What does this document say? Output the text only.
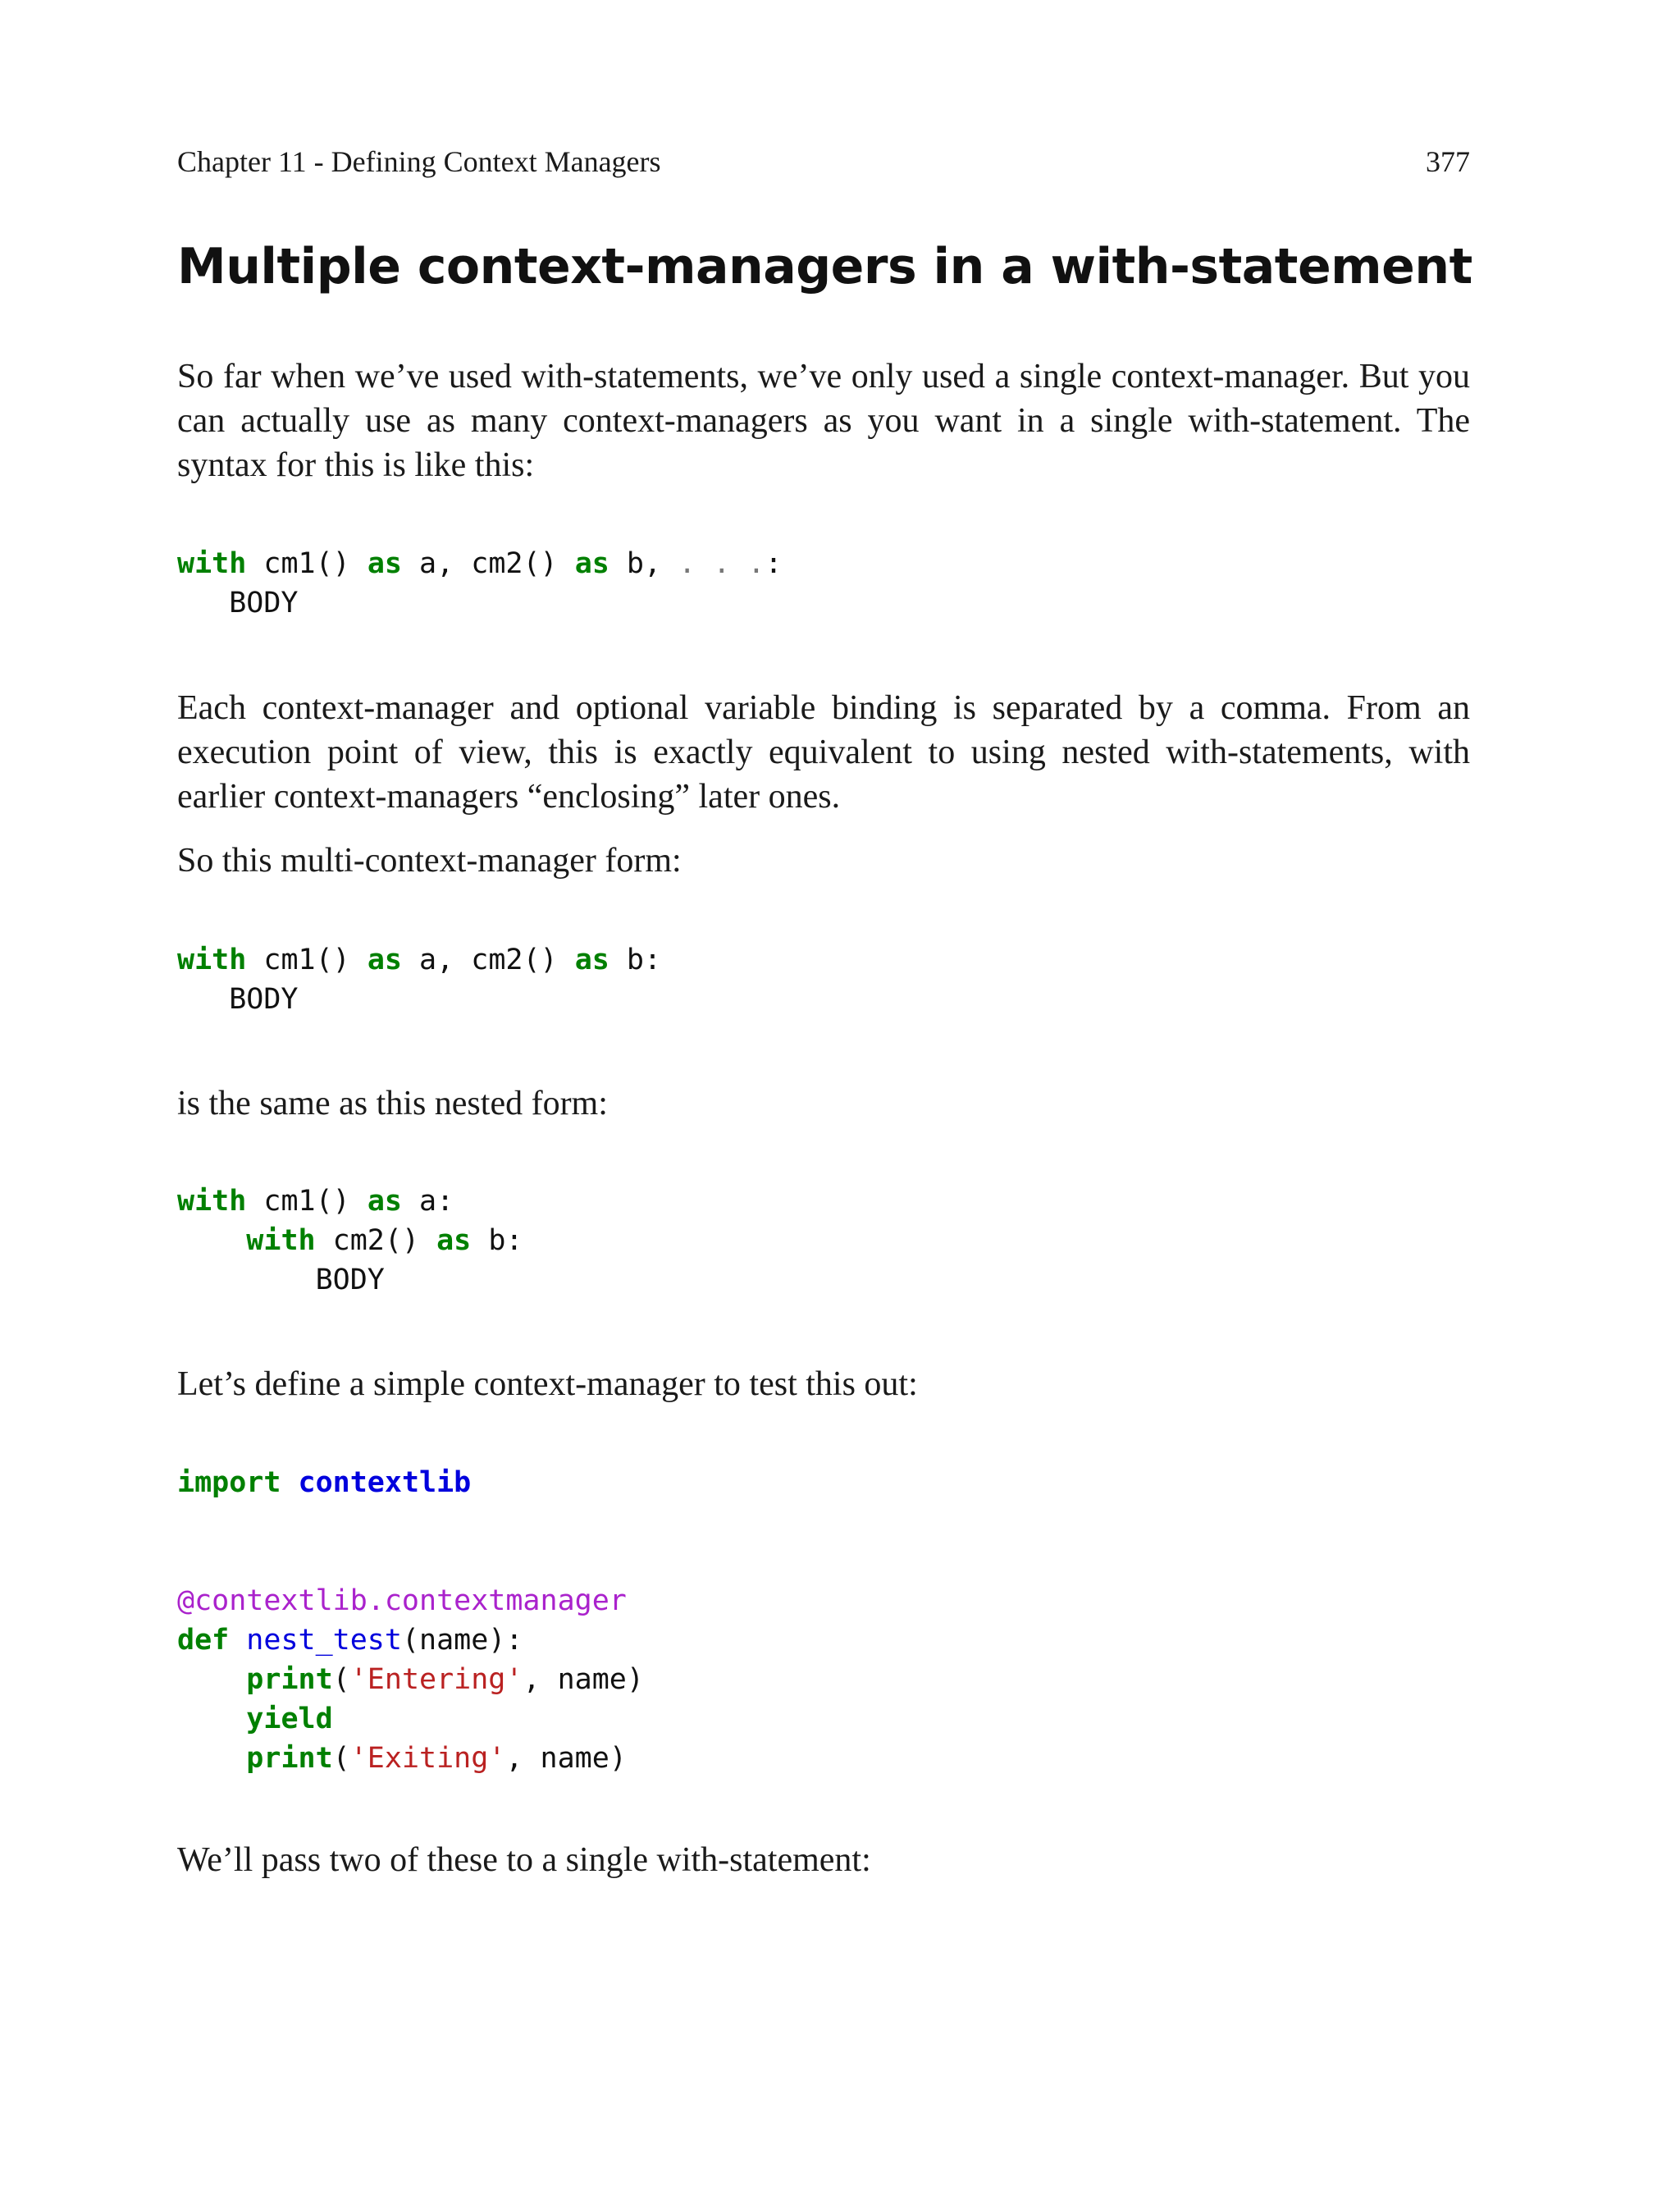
Chapter 11 - Defining Context Managers	377
Multiple context-managers in a with-statement

So far when we’ve used with-statements, we’ve only used a single context-manager. But you can actually use as many context-managers as you want in a single with-statement. The syntax for this is like this:

with cm1() as a, cm2() as b, . . .:
BODY

Each context-manager and optional variable binding is separated by a comma. From an execution point of view, this is exactly equivalent to using nested with-statements, with earlier context-managers “enclosing” later ones.

So this multi-context-manager form:

with cm1() as a, cm2() as b:
BODY

is the same as this nested form:

with cm1() as a:
with cm2() as b:
BODY

Let’s define a simple context-manager to test this out:

import contextlib
@contextlib.contextmanager
def nest_test(name):
print('Entering', name)
yield
print('Exiting', name)

We’ll pass two of these to a single with-statement:
